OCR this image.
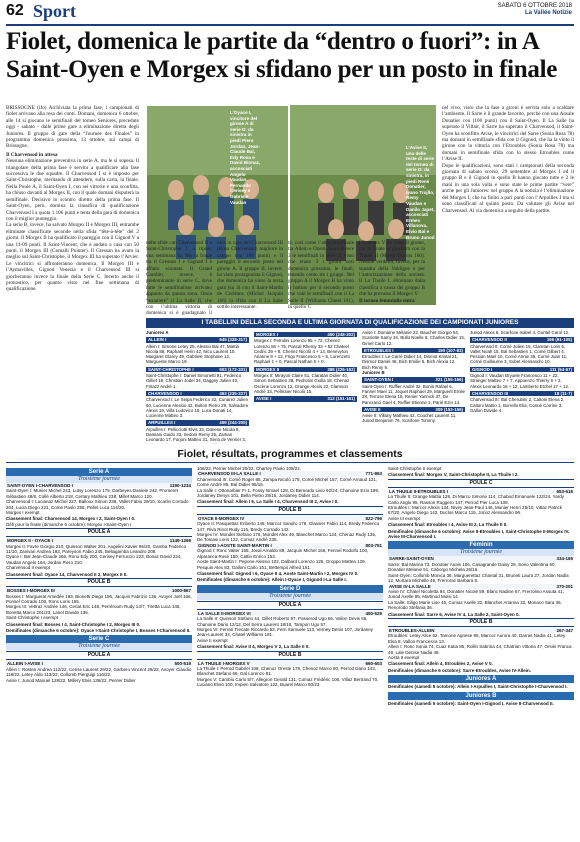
62 Sport	SABATO 6 OTTOBRE 2018
La Vallée Notizie
Fiolet, domenica le partite da “dentro o fuori”: in A Saint-Oyen e Morgex si sfidano per un posto in finale

BRISSOGNE (ifo) Archiviata la prima fase, i campionati di fiolet arrivano alla resa dei conti. Domani, domenica 6 ottobre, alle 14 si giocano le semifinali del torneo Seniores, precedute oggi - sabato - dalle prime gare a eliminazione diretta degli Juniores. Il gruppo di gare della “Journée des Finales” in programma domenica prossima, 13 ottobre, sui campi di Brissogne.

Il Charvensod in attesa

Nessuna eliminazione preventiva in serie A, ma le si sopesa. Il triangolare della prima fase è servito a qualificare alla fase successiva le due squadre. Il Charvensod I si è imposto per Saint-Christophe, meritando di attendere, sulla carta, la finale. Nella Poule A, il Saint-Oyen I, con sei vittorie e una sconfitta, ha chiuso davanti al Morgex II, con il quale domani disputerà la semifinale. Decisivo lo scontro diretto della prima fase. Il Saint-Oyen, però, domina la classifica di qualificazione Charvensod I a quota 1.106 punti e tenta della gara di domenica con il miglior punteggio.

La serie B, invece, ha salvato Morgex II e Morgex III, entrambe eliminate classificate seconde nella sfida “tête-à-tête” del 2 giorni. Il Morgex II ha qualificato il pareggio con il Gignod V a una 11-09 punti. Il Saint-Vincent, che è andato a casa con 50 punti, il Morgex III (Comalli Pointer). Il Gressan ha avuto la meglio sul Saint-Christophe, il Morgex III ha superato l’Arvier. Le vincitrici si affronteranno domenica. Il Morgex III e l’Aymavilles, Gignod Venezia e il Charvensod III si giocheranno invece la finale della Serie C. Incerto anche il pronostico, per quanto visto nel fine settimana di qualificazione.

L’Oyace I, vincitore del girone A di serie D: da sinistra in piedi Piero Jordan, Jean-Claude Bal, Edy Rosa e David Bionaz, accosciati Angelo Vaudan, Fernando Cerisey e Gabriele Vaudan
L’Avise II, una delle teste di serie del torneo di serie D: da sinistra, in piedi René Donatier, Ivano Trojllo, Remy Vaudan e Danilo Japet, accosciati Ermes Villanova, Elvio Bal e Bruno Junod
nelle sfide con Charvensod II e Saint-Christophe I, a riposo una settimana fa. Ma la finale tra il Gressan I e Gignod I è affatto scontata. Il Grand Combin, invece, è predominante in serie C, dove tutte le semifinaliste arrivano appunto da questa zona. Ossia “straniere” il La Salle II, che con l’ultima vittoria di domenica si è guadagnato il
nica in casa del Charvensod III (Rosa Charvensod) migliore in campo con 188 punti) e il pareggio il secondo posto nel girone A. Il gruppo B, invece, ha visto protagonista il Gignod, che domenica ha vinto la terza gara (su 3) con il Saint-Martin de Corléans (Michel Jacquin 166) la sfida con il La Salle sottile interessante.
te, così come l’altra semifinale tra Allein e Ozein. Sono invece 3 le semifinali in serie D, visto che erano 3 i gironi così domenica prossima, le finali, tenendo conto tre i gruppi. Nel gruppo A il Morgex B ha vinto il battuto per il secondo posto che vale le semifinali con il La Salle II (Williams Chatel 101), in quello C

l’Excenex V ha vinto il girone, ma la finale si giocherà con la Thuile II (Marco Duclos 160). Nessun verdetto, invece, per la squadra della Valdigne e per l’autorizzazione della società. Il La Thuile I, eliminato dalla classifica a causa del gruppo B che ha prevalso il Morgex V.

Il torneo femminile entra

nel vivo, visto che la fase a gironi è servita solo a scaldare l’ambiente. Il Sarre è il grande favorito, perché con una Ansale Donatier con (106 punti) con il Saint-Oyen. Il La Salle ha superato il Villair, il Sarre ha superato il Charvensod, il Saint-Oyen ha sconfitto Avise, le vincitrici del Sarre (Sonia Rosa 78) ma domani in semifinale sfida con il Gignod, che ha la vinto il girone con la vittoria con l’Etroubles (Sonia Rosa 78) ma domani in semifinale sfida con lo stesso Etroubles come l’Avise II.

Dopo le qualificazioni, sono stati i campionati della seconda giornata di sabato scorso, 29 settembre al Morgex I ed il gruppo B e il Gignod in quello B hanno giocato tutte e 2 le mani in una sola volta e sono state le prime partite “vere” anche per gli Juniores: nel gruppo A la notizia è l’eliminazione del Morgex I, che ha finito a pari punti con l’Arpuilles I ma si sono classificati al quinto posto. Da valutare gli Avise nel Charvensod. Al via domenica a seguito della partite.

I TABELLINI DELLA SECONDA E ULTIMA GIORNATA DI QUALIFICAZIONE DEI CAMPIONATI JUNIORES
Juniores A
ALLEIN I	645 (328-317)
Allein I: Simone Letey 25, Alessio Bal 47, Mattia Nicola 88, Raphaël Herin 42, Nico Laurent 10, Margaret Glarey 49, Gabriele Stephane 12, Marguerite Marco 19.
SAINT-CHRISTOPHE I	503 (172-331)
Saint-Christophe I: Daniel Simonetti 91, Federico Gilliet 18, Christian Jodel 34, Daggey Julien 40, Fritazz André 1.
CHARVENSOD I	463 (235-227)
Charvensod I: Le Seipa Federico 42, Cunarez Julien 60, Lucienne Alessio 42, Bolton Pietro 29, Salvadore Alexis 19, Villa Ludovico 15, Luca Donati 14, Lucienne Matteo 3.
ARPUILLES I	459 (244-205)
Arpuilles I: Pellicciotti Elvis 33, Danese Nicola 8, Damiani Guido 33, Sedoni Remy 26, Zaman Leonardo 17, Furjoni Matteo 31, Seria de Vernier 3,
MORGEX I	450 (248-202)
Morgex I: Petrolini Lorenzo 95 + 72, Chenez Lorenzo 56 + 75, Pascal Rhemy 33 + 52 Chateel Cedric 29 + 8, Chenez Nicolò 4 + 14, Benevyton Arianne 9 + 12, Frigo Francesco 5 + 5, Lorenzetti Raphael 1 + 0, Pascal Nathan 5 + 0.
MORGEX II	388 (226-162)
Morgex II: Mirayon Claire 51, Claratan Didier 40, Simon Sebastien 28, Pedrotini Giulia 18, Chenaz Oscène Lorenzo 12, Grange Alexis 22, Clamson André 33, Pellissier Nicolò 15.
AVISE I	312 (151-161)
Avise I: Domaine Mélanie 22, Bauchet Giorgio 54, Scariotte Samy 34, Bullo Noelle 8, Charles Didier 15, Gimel Carlo 12.
ETROUBLES I	190 (107-83)
Etroubles I: Le Carré Didier 14, Dismot Kristal 21, Dismoz Daniel 48, Bich Emilie 5, Bich Alexia 12, Bich Remy 9.
Juniores B
SAINT-OYEN I	321 (155-166)
Saint-Oyen I: Ruffier André 32, Bonin Rafael 6, Fanner Mael 11, Joquet Raphael 29, Marguerit Emile 28, Terrose Elena 18, Renier Yannick 37, De Pancracci Gael 4, Ruffier Etienne 1, Parié Ezio 14.
AVISE II	309 (153-156)
Avise II: Villany Mathieu 42, Couchet Laurent 11, Junod Benjamin 76, Scarfone Tommy.
Junod Alexis 8, Scarfone Isabel 4, Gontel Carol 12.
CHARVENSOD II	196 (91-105)
Charvensod II: Corné Julien 15, Claretan Loris 5, Vallet Noah 15, Bal Sebastien 1, Comé Gilbert 4, Pession Mael 10, Corné Annie 35, Corné Juan 11, Corné Guillaume 3, Subet Alessandro 10.
GIGNOD I	111 (54-57)
Gignod I: Vaudan Bryuele Francesco 11 + 22, Stranger Matteo 7 + 7, Appoenzo Thierry 6 + 2, Alexis Leonardo 16 + 12, Lamberto Etchel 17 + 12.
CHARVENSOD III	18 (11-7)
Charvensod III: Bal Cherubini 2, Caltoni Elena 2, Caltoni Mattio 1, Borrello Elia, Conné Corrine 3, Gallon Davide 4.
Fiolet, résultats, programmes et classements
Serie A
Troisième journée
SAINT-OYEN I-CHARVENSOD I	1190-1234
Saint-Oyen I: Munier Michel 243, Lutsy Lorenzo 175, Darbeyes Daniele 242, Promeret Sébastien 48/8, Collé Alberto 218, Certary Mathieu 238, Millet Marco 120.
Charvensod I: Lucianaz Michel 227, Balloux Simon 238, Vallet Fabio 29/10, Scarlin Corrado 204, Lucia Diego 221, Comé Paolo 255, Pellet Luca 114/20.
Morgex I exempt
Classement final: Charvensod 14, Morgex I 2, Saint-Oyen I 0.
Défi pour la finale (dimanche 6 octobre): Morgex I-Saint-Oyen I
POULE A
MORGEX II - OYACE I	1149-1269
Morgex II: Favre Giorgio 210, Quinson Walter 201, Angelini Xavier 96/20, Gamba Federico 11/10, Zanivan Andrea 193, Pareyson Fabio 245, Bellagamba Leandro 208.
Oyace I: Bal Jean-Claude 266, Rono Edy 200, Cerisey Ferruccio 223, Bonaz David 224, Vaudan Angelo 164, Jordan Piero 210.
Charvensod II exempt
Classement final: Oyace 14, Charvensod II 2, Morgex II 0.
POULE B
BOSSES I-MORGEX III	1000-867
Bosses I: Marguerat Amedée 183, Bionetti Diego 196, Jacquin Fabrizio 136, Avoyer Joël 166, Ponsel Corrado 108, Ronc Loris 155.
Morgex III: Vettraz Andrée 146, Ceriat Eric 148, Perréroum Rudy 14/7, Tiretta Luca 146, Bonetta Marco 201/23, Lanel Davide 136.
Saint-Christophe I exempt
Classement final: Bosses I 4, Saint-Christophe I 2, Morgex III 0.
Demifinales (dimanche 6 octobre): Oyace I-Saint-Christophe I, Bosses I-Charvensod II.
Serie C
Troisième journée
POULE A
ALLEIN I-AVISE I	500-519
Allein I: Rosten Andrea 112/22, Cerise Laurent 29/22, Garbero Vincent 29/22, Avoyer Claudio 118/22, Letey Aldo 113/22, Collomb Pierguigi 116/22.
Avise I: Junod Manuel 128/22, Millery Elvis 136/22, Perrier Didier
106/22, Perrier Michel 20/22, Charrey Paolo 108/22.
CHARVENSOD III-LA SALLE I	771-863
Charvensod III: Comé Roger 85, Zampa Nicolò 178, Comé Michel 157, Comé Arnaud 121, Comé André 85, Bal Didier 95/16.
La Salle I: Ottonarbier Fr 1, Fossy Ismael 128, Di Bernardo Livio 92/24, Chanoine Ezio 189, Jordaney Denys 101, Bella Pietro 28/16, Jordaney Didier 114.
Classement final: Allein I 6, La Salle I 4, Charvensod III 2, Avise I 0.
POULE B
OYACE II-MORGEX IV	822-796
Oyace II: Pasquettaz Enberto 148, Marcoz Sandro 178, Glassier Fabio 114, Bredy Federico 147, Riva Rinot Rudy 116, Bredy Corrado 142.
Morgex IV: Mondet Stefano 176, Mondet Alex 49, Blanchet Marco 124, Chenaz Rudy 135, De Tomasi Loris 122, Comaz André 235.
GIGNOD I-AOSTE SAINT-MARTIN I	803-751
Gignod I: Ronc Valter 158, Joval Arnaldo 89, Jacquin Michel 166, Fennel Rodolfo 100, Alparanca Rosé 150, Cattin Enrico 153.
Aoste Saint-Martin I: Pepone Alessio 102, Dalbard Lorenzo 125, Groppo Mattea 129, Pesquin Alex 83, Galloni Carlo 151, Bettempo Alfred 161.
Classement final: Gignod I 6, Oyace II 4, Aoste Saint-Martin I 2, Morgex IV 0.
Demifinales (dimanche 6 octobre): Allein I-Oyace I, Gignod I-La Salle I.
Serie D
Troisième journée
POULE A
LA SALLE II-MORGEX VI	450-529
La Salle II: Quinson Stefano 44, Gillet Roberto 97, Passerod Ugo 66, Vallon Devis 56, Chanoine Dario 12/12, Del Serra Laurent 18/18, Tampon Ugo 57.
Morgex VI: Ferrari Trecate Riccardo 52, Ferri Samuele 113, Verney Denis 107, Jordaney Jean-Laurent 34, Chatel Williams 181.
Avise II exempt
Classement final: Avise II 4, Morgex V 2, La Salle II 0.
POULE B
LA THUILE I-MORGEX V	660-603
La Thuile I: Perrod Gabriel 108, Chenoz Oreste 178, Chenoz Marco 80, Perrod Dario 143, Blanchet Stefano 66, Gal Lorenzo 81.
Morgex V: Cambiu Carlo 5/7, Allegron Gerald 131, Comaz Frédéric 106, Villaz Bertrand 70, Luciano Elvio 100, Impieri Salvatore 122, Buarel Marco 50/23.
Saint-Christophe II exempt
Classement final: Morgex V, Saint-Christophe II, La Thuile I 2.
POULE C
LA THUILE II-ETROUBLES I	653-616
La Thuile II: Grange Mattia 128, Di Marco Simone 114, Chabod Emanuele 122/24, Yardy Carlo Anglo 95, Rasson Ruggero 147, Perrod Pier Luca 108.
Etroubles I: Marcoz Alexis 134, Nivey Jean-Paul 146, Munier Henri 25/10, Vittaz Patrick 67/20, Angelo Diego 142, Duclos Marco 115, Jorioz Alessandro 96.
Avise III exempt
Classement final: Etroubles I 4, Avise III 2, La Thuile II 0.
Demifinales (dimanche 6 octobre): Avise II-Etroubles I, Saint-Christophe II-Morgex IV, Avise III-Charvensod I.
Féminin
Troisième journée
SARRE-SAINT-OYEN	334-165
Sarre: Bal Marina 73, Donatier Anais 106, Casagrande Daisy 28, Sorio Valentina 50, Donatier Melanie 51, Caborgo Michela 26/16.
Saint-Oyen: Collomb Monica 38, Marguerettaz Chantal 31, Bruneti Laura 27, Jordan Nadia 12, Mortara Michelle 49, Frerroraz Barbara 8.
AVISE IV-LA SALLE	370-201
Avise IV: Chatel Nicoletta 94, Donatier Nicole 59, Blanc Nadine 67, Frerrolino Assuta 41, Junod Axelle 95, Martinod Moisi 14.
La Salle: Siligo Marie Lise 45, Comaz Axelle 32, Blanchet Arianna 32, Monaco Sara 36, Renorodo Stefania 36.
Classement final: Sarre 6, Avise IV 4, La Salle 2, Saint-Oyen 0.
POULE B
ETROUBLES-ALLEIN	267-347
Etroubles: Letey Alice 62, Tamone Agnese 86, Marcoz Aurora 40, Darras Nadia 41, Letey Elsa 8, Vallon Francesca 13.
Allein I: Ronc Sonia 74, Cuaz Katia 85, Rollin Sabrina 44, Chatrian Vittoria 47, Orsini Franca 49, Lale Denise Nadia 48.
Aosta II exempt
Classement final: Allein 4, Etroubles 2, Avise V 0.
Demifinales (dimanche 6 octobre): Sarre-Etroubles, Avise IV-Allein.
Juniores A
Demifinales (samedi 5 octobre): Allein I-Arpuilles I, Saint-Christophe I-Charvensod I.
Juniores B
Demifinales (samedi 5 octobre): Saint-Oyen I-Gignod I, Avise II-Charvensod II.
